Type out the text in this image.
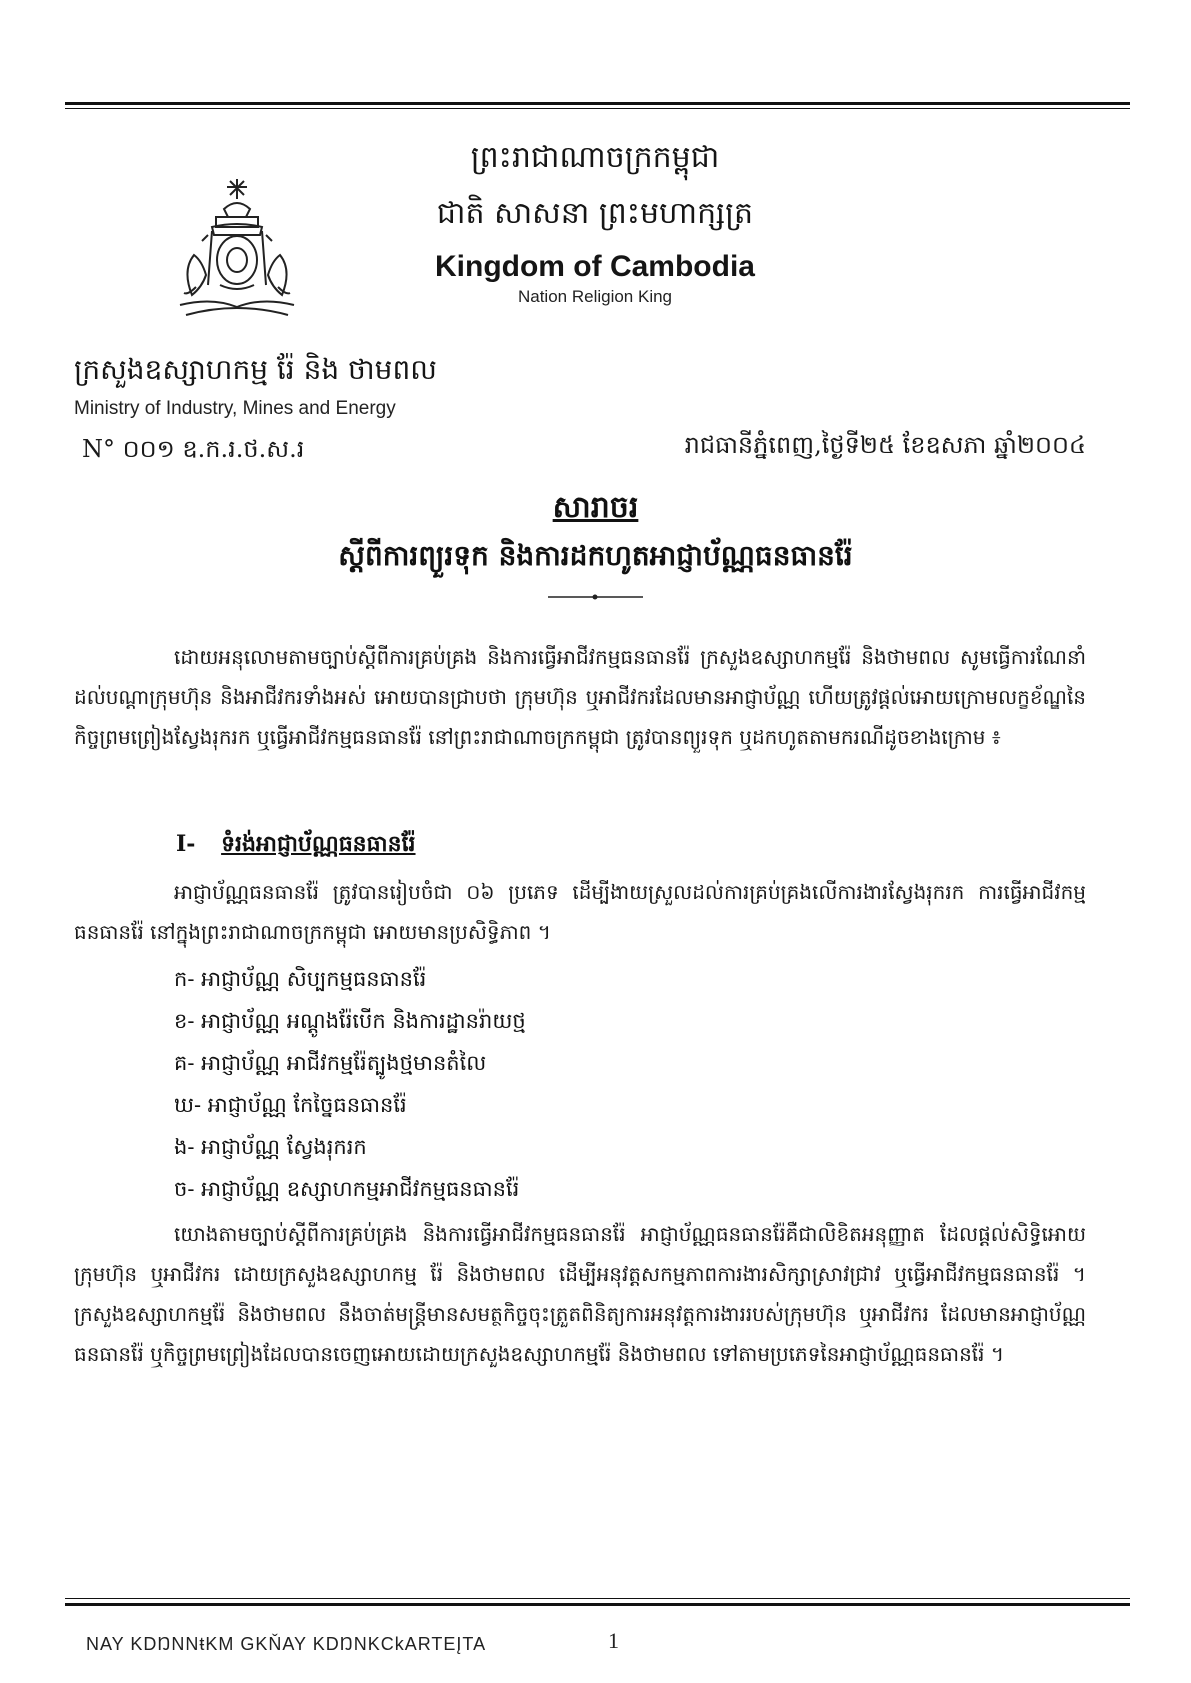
ព្រះរាជាណាចក្រកម្ពុជា
ជាតិ សាសនា ព្រះមហាក្សត្រ
Kingdom of Cambodia
Nation Religion King
ក្រសួងឧស្សាហកម្ម រ៉ែ និង ថាមពល
Ministry of Industry, Mines and Energy
N° ០០១ ឧ.ក.រ.ថ.ស.រ	រាជធានីភ្នំពេញ,ថ្ងៃទី២៥ ខែឧសភា ឆ្នាំ២០០៤
សារាចរ
ស្តីពីការព្យួរទុក និងការដកហូតអាជ្ញាប័ណ្ណធនធានរ៉ែ
ដោយអនុលោមតាមច្បាប់ស្តីពីការគ្រប់គ្រង និងការធ្វើអាជីវកម្មធនធានរ៉ែ ក្រសួងឧស្សាហកម្មរ៉ែ និងថាមពល សូមធ្វើការណែនាំដល់បណ្តាក្រុមហ៊ុន និងអាជីវករទាំងអស់ អោយបានជ្រាបថា ក្រុមហ៊ុន ឬអាជីវករដែលមានអាជ្ញាប័ណ្ណ ហើយត្រូវផ្តល់អោយក្រោមលក្ខខ័ណ្ឌនៃកិច្ចព្រមព្រៀងស្វែងរុករក ឬធ្វើអាជីវកម្មធនធានរ៉ែ នៅព្រះរាជាណាចក្រកម្ពុជា ត្រូវបានព្យួរទុក ឬដកហូតតាមករណីដូចខាងក្រោម ៖
I- ទំរង់អាជ្ញាប័ណ្ណធនធានរ៉ែ
អាជ្ញាប័ណ្ណធនធានរ៉ែ ត្រូវបានរៀបចំជា ០៦ ប្រភេទ ដើម្បីងាយស្រួលដល់ការគ្រប់គ្រងលើការងារស្វែងរុករក ការធ្វើអាជីវកម្មធនធានរ៉ែ នៅក្នុងព្រះរាជាណាចក្រកម្ពុជា អោយមានប្រសិទ្ធិភាព ។
ក- អាជ្ញាប័ណ្ណ សិប្បកម្មធនធានរ៉ែ
ខ- អាជ្ញាប័ណ្ណ អណ្តូងរ៉ែបើក និងការដ្ឋានរ៉ាយថ្ម
គ- អាជ្ញាប័ណ្ណ អាជីវកម្មរ៉ែត្បូងថ្មមានតំលៃ
ឃ- អាជ្ញាប័ណ្ណ កែច្នៃធនធានរ៉ែ
ង- អាជ្ញាប័ណ្ណ ស្វែងរុករក
ច- អាជ្ញាប័ណ្ណ ឧស្សាហកម្មអាជីវកម្មធនធានរ៉ែ
យោងតាមច្បាប់ស្តីពីការគ្រប់គ្រង និងការធ្វើអាជីវកម្មធនធានរ៉ែ អាជ្ញាប័ណ្ណធនធានរ៉ែគឺជាលិខិតអនុញ្ញាត ដែលផ្តល់សិទ្ធិអោយក្រុមហ៊ុន ឬអាជីវករ ដោយក្រសួងឧស្សាហកម្ម រ៉ែ និងថាមពល ដើម្បីអនុវត្តសកម្មភាពការងារសិក្សាស្រាវជ្រាវ ឬធ្វើអាជីវកម្មធនធានរ៉ែ ។ ក្រសួងឧស្សាហកម្មរ៉ែ និងថាមពល នឹងចាត់មន្ត្រីមានសមត្ថកិច្ចចុះត្រួតពិនិត្យការអនុវត្តការងាររបស់ក្រុមហ៊ុន ឬអាជីវករ ដែលមានអាជ្ញាប័ណ្ណធនធានរ៉ែ ឬកិច្ចព្រមព្រៀងដែលបានចេញអោយដោយក្រសួងឧស្សាហកម្មរ៉ែ និងថាមពល ទៅតាមប្រភេទនៃអាជ្ញាប័ណ្ណធនធានរ៉ែ ។
NAY KDŊNNŧKM GKŇAY KDŊNKCkARTEĮTA	1
